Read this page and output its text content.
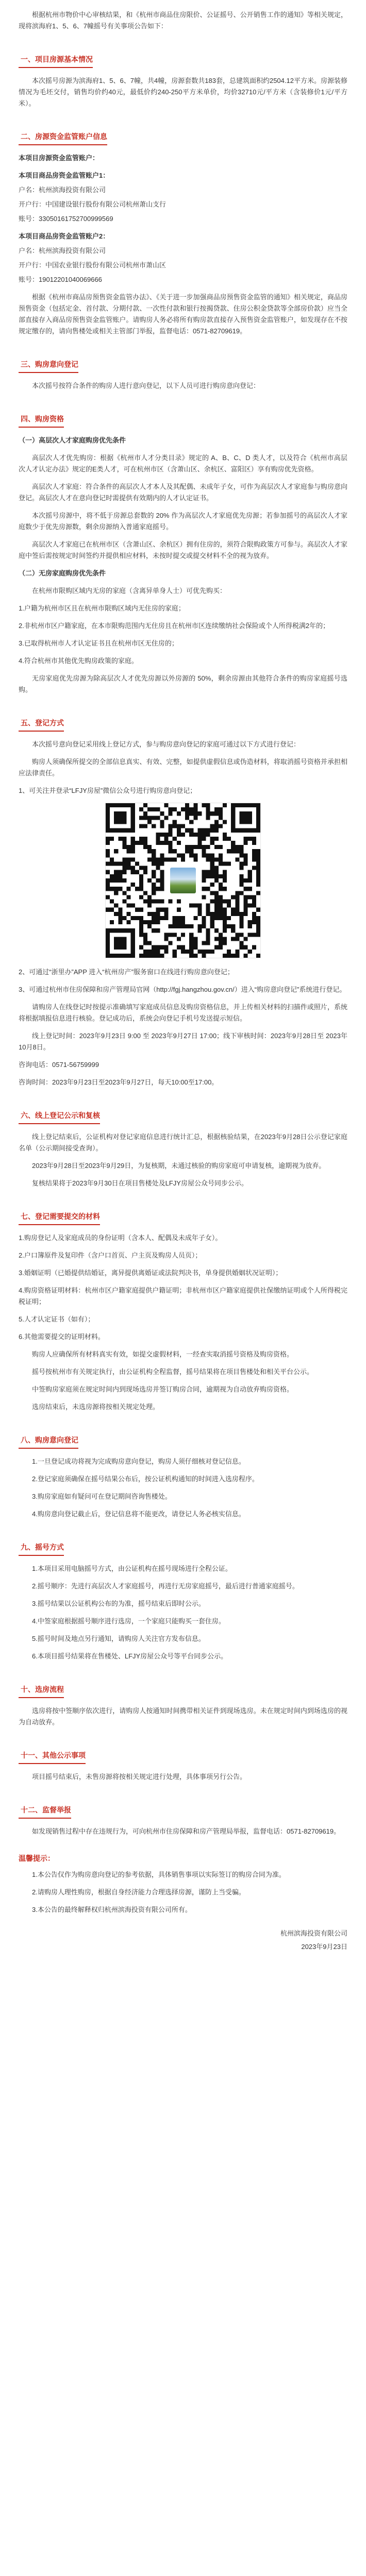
根据杭州市物价中心审核结果，和《杭州市商品住房限价、公证摇号、公开销售工作的通知》等相关规定，现将滨海府1、5、6、7幢摇号有关事项公告如下：

一、项目房源基本情况

本次摇号房源为滨海府1、5、6、7幢，共4幢，房源套数共183套，总建筑面积约2504.12平方米。房源装修情况为毛坯交付，销售均价约40元，最低价约240-250平方米单价，均价32710元/平方米（含装修价1元/平方米）。

二、房源资金监管账户信息

本项目房源资金监管账户：

本项目商品房资金监管账户1：

户名：杭州滨海投资有限公司

开户行：中国建设银行股份有限公司杭州萧山支行

账号：33050161752700999569

本项目商品房资金监管账户2：

户名：杭州滨海投资有限公司

开户行：中国农业银行股份有限公司杭州市萧山区

账号：19012201040069666

根据《杭州市商品房预售资金监管办法》、《关于进一步加强商品房预售资金监管的通知》相关规定，商品房预售资金（包括定金、首付款、分期付款、一次性付款和银行按揭贷款、住房公积金贷款等全部房价款）应当全部直接存入商品房预售资金监管账户。请购房人务必将所有购房款直接存入预售资金监管账户，如发现存在不按规定缴存的，请向售楼处或相关主管部门举报，监督电话：0571-82709619。

三、购房意向登记

本次摇号按符合条件的购房人进行意向登记，以下人员可进行购房意向登记：

四、购房资格

（一）高层次人才家庭购房优先条件

高层次人才优先购房：根据《杭州市人才分类目录》规定的 A、B、C、D 类人才，以及符合《杭州市高层次人才认定办法》规定的E类人才，可在杭州市区（含萧山区、余杭区、富阳区）享有购房优先资格。

高层次人才家庭：符合条件的高层次人才本人及其配偶、未成年子女，可作为高层次人才家庭参与购房意向登记。高层次人才在意向登记时需提供有效期内的人才认定证书。

本次摇号房源中，将不低于房源总套数的 20% 作为高层次人才家庭优先房源；若参加摇号的高层次人才家庭数少于优先房源数，剩余房源纳入普通家庭摇号。

高层次人才家庭已在杭州市区（含萧山区、余杭区）拥有住房的，须符合限购政策方可参与。高层次人才家庭中签后需按规定时间签约并提供相应材料，未按时提交或提交材料不全的视为放弃。

（二）无房家庭购房优先条件

在杭州市限购区域内无房的家庭（含离异单身人士）可优先购买：

1.户籍为杭州市区且在杭州市限购区域内无住房的家庭；

2.非杭州市区户籍家庭，在本市限购范围内无住房且在杭州市区连续缴纳社会保险或个人所得税满2年的；

3.已取得杭州市人才认定证书且在杭州市区无住房的；

4.符合杭州市其他优先购房政策的家庭。

无房家庭优先房源为除高层次人才优先房源以外房源的 50%，剩余房源由其他符合条件的购房家庭摇号选购。

五、登记方式

本次摇号意向登记采用线上登记方式，参与购房意向登记的家庭可通过以下方式进行登记：

购房人须确保所提交的全部信息真实、有效、完整，如提供虚假信息或伪造材料，将取消摇号资格并承担相应法律责任。

1、可关注并登录“LFJY房屋”微信公众号进行购房意向登记；

2、可通过“浙里办”APP 进入“杭州房产”服务窗口在线进行购房意向登记；

3、可通过杭州市住房保障和房产管理局官网（http://fgj.hangzhou.gov.cn/）进入“购房意向登记”系统进行登记。

请购房人在线登记时按提示准确填写家庭成员信息及购房资格信息，并上传相关材料的扫描件或照片，系统将根据填报信息进行核验。登记成功后，系统会向登记手机号发送提示短信。

线上登记时间：2023年9月23日 9:00 至 2023年9月27日 17:00；线下审核时间：2023年9月28日至 2023年10月8日。

咨询电话：0571-56759999

咨询时间：2023年9月23日至2023年9月27日，每天10:00至17:00。

六、线上登记公示和复核

线上登记结束后，公证机构对登记家庭信息进行统计汇总，根据核验结果，在2023年9月28日公示登记家庭名单（公示期间接受查询）。

2023年9月28日至2023年9月29日，为复核期，未通过核验的购房家庭可申请复核，逾期视为放弃。

复核结果将于2023年9月30日在项目售楼处及LFJY房屋公众号同步公示。

七、登记需要提交的材料

1.购房登记人及家庭成员的身份证明（含本人、配偶及未成年子女）。

2.户口簿原件及复印件（含户口首页、户主页及购房人员页）；

3.婚姻证明（已婚提供结婚证，离异提供离婚证或法院判决书，单身提供婚姻状况证明）；

4.购房资格证明材料：杭州市区户籍家庭提供户籍证明；非杭州市区户籍家庭提供社保缴纳证明或个人所得税完税证明；

5.人才认定证书（如有）；

6.其他需要提交的证明材料。

购房人应确保所有材料真实有效，如提交虚假材料，一经查实取消摇号资格及购房资格。

摇号按杭州市有关规定执行，由公证机构全程监督，摇号结果将在项目售楼处和相关平台公示。

中签购房家庭须在规定时间内到现场选房并签订购房合同，逾期视为自动放弃购房资格。

选房结束后，未选房源将按相关规定处理。

八、购房意向登记

1.一旦登记成功将视为完成购房意向登记，购房人须仔细核对登记信息。

2.登记家庭须确保在摇号结果公布后，按公证机构通知的时间进入选房程序。

3.购房家庭如有疑问可在登记期间咨询售楼处。

4.购房意向登记截止后，登记信息将不能更改，请登记人务必核实信息。

九、摇号方式

1.本项目采用电脑摇号方式，由公证机构在摇号现场进行全程公证。

2.摇号顺序：先进行高层次人才家庭摇号，再进行无房家庭摇号，最后进行普通家庭摇号。

3.摇号结果以公证机构公布的为准，摇号结束后即时公示。

4.中签家庭根据摇号顺序进行选房，一个家庭只能购买一套住房。

5.摇号时间及地点另行通知，请购房人关注官方发布信息。

6.本项目摇号结果将在售楼处、LFJY房屋公众号等平台同步公示。

十、选房流程

选房将按中签顺序依次进行，请购房人按通知时间携带相关证件到现场选房。未在规定时间内到场选房的视为自动放弃。

十一、其他公示事项

项目摇号结束后，未售房源将按相关规定进行处理，具体事项另行公告。

十二、监督举报

如发现销售过程中存在违规行为，可向杭州市住房保障和房产管理局举报，监督电话：0571-82709619。

温馨提示：

1.本公告仅作为购房意向登记的参考依据，具体销售事项以实际签订的购房合同为准。

2.请购房人理性购房，根据自身经济能力合理选择房源，谨防上当受骗。

3.本公告的最终解释权归杭州滨海投资有限公司所有。

杭州滨海投资有限公司
2023年9月23日
